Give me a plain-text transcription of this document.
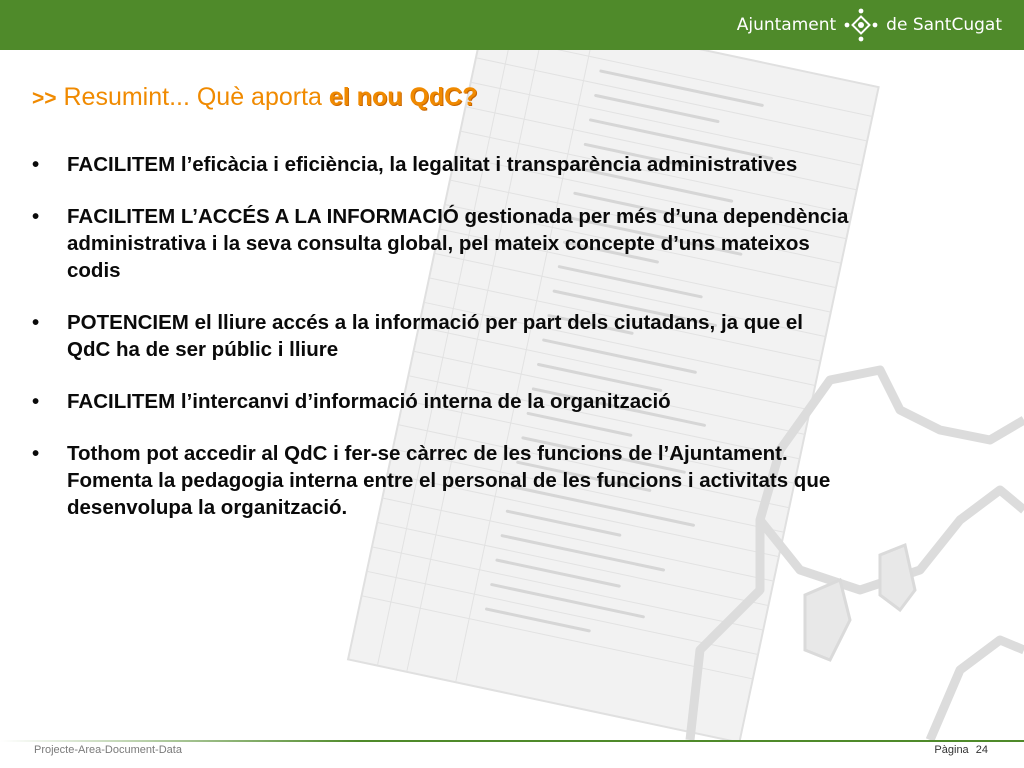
Ajuntament	de SantCugat
>> Resumint... Què aporta el nou QdC?
• FACILITEM l’eficàcia i eficiència, la legalitat i transparència administratives
• FACILITEM L’ACCÉS A LA INFORMACIÓ gestionada per més d’una dependència
administrativa i la seva consulta global, pel mateix concepte d’uns mateixos
codis
• POTENCIEM el lliure accés a la informació per part dels ciutadans, ja que el
QdC ha de ser públic i lliure
• FACILITEM l’intercanvi d’informació interna de la organització
• Tothom pot accedir al QdC i fer-se càrrec de les funcions de l’Ajuntament.
Fomenta la pedagogia interna entre el personal de les funcions i activitats que
desenvolupa la organització.
Projecte-Area-Document-Data	Pàgina 24
